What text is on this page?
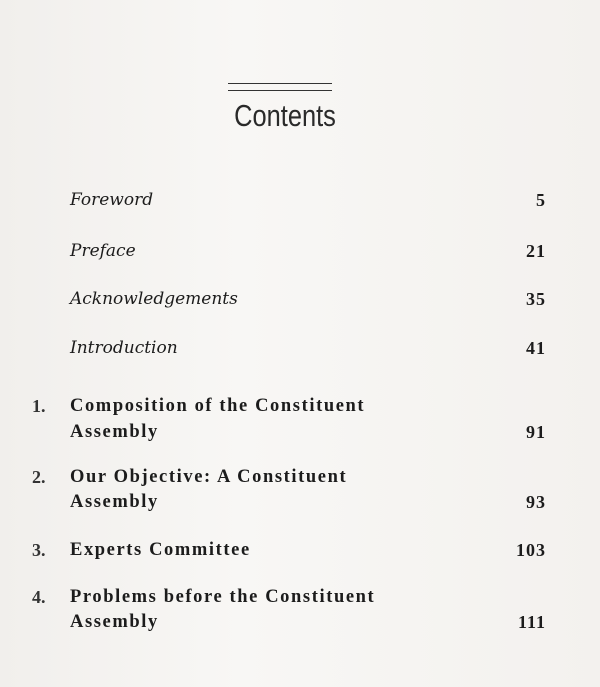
Contents
Foreword	5
Preface	21
Acknowledgements	35
Introduction	41
1. Composition of the Constituent
Assembly	91
2. Our Objective: A Constituent
Assembly	93
3. Experts Committee	103
4. Problems before the Constituent
Assembly	111
